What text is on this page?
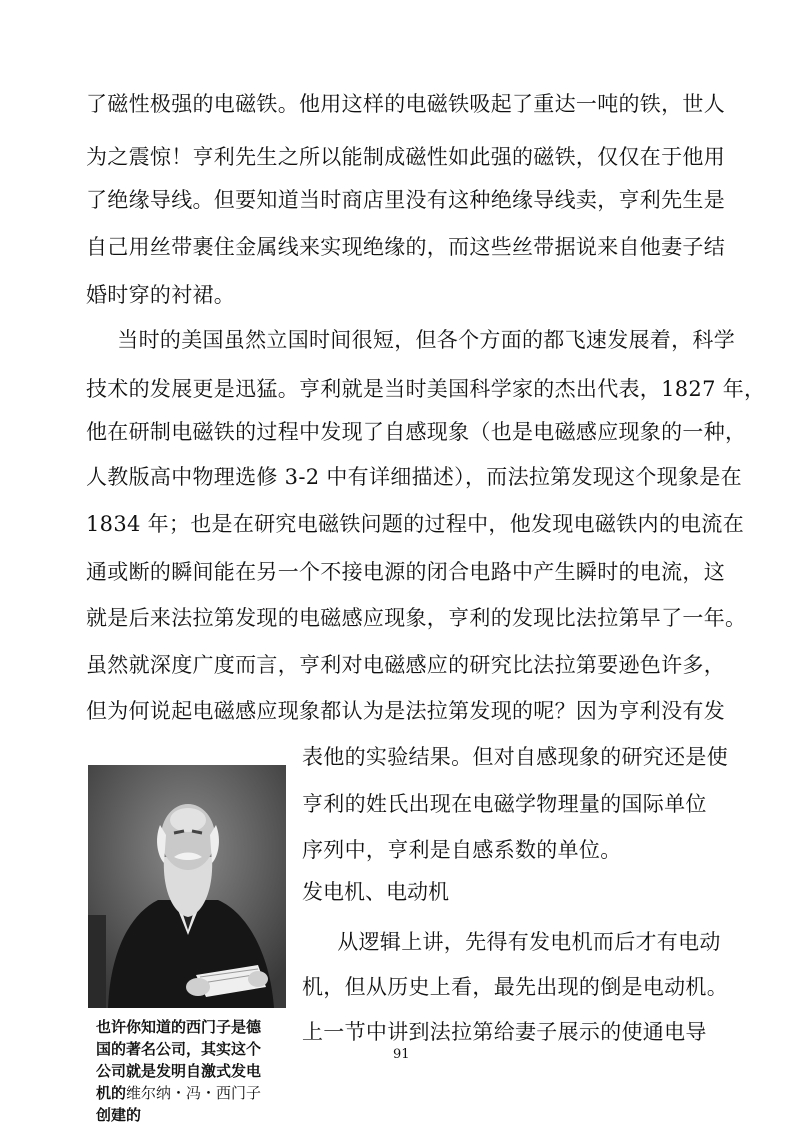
了磁性极强的电磁铁。他用这样的电磁铁吸起了重达一吨的铁，世人
为之震惊！亨利先生之所以能制成磁性如此强的磁铁，仅仅在于他用
了绝缘导线。但要知道当时商店里没有这种绝缘导线卖，亨利先生是
自己用丝带裹住金属线来实现绝缘的，而这些丝带据说来自他妻子结
婚时穿的衬裙。
　当时的美国虽然立国时间很短，但各个方面的都飞速发展着，科学
技术的发展更是迅猛。亨利就是当时美国科学家的杰出代表，1827 年，
他在研制电磁铁的过程中发现了自感现象（也是电磁感应现象的一种，
人教版高中物理选修 3-2 中有详细描述），而法拉第发现这个现象是在
1834 年；也是在研究电磁铁问题的过程中，他发现电磁铁内的电流在
通或断的瞬间能在另一个不接电源的闭合电路中产生瞬时的电流，这
就是后来法拉第发现的电磁感应现象，亨利的发现比法拉第早了一年。
虽然就深度广度而言，亨利对电磁感应的研究比法拉第要逊色许多，
但为何说起电磁感应现象都认为是法拉第发现的呢？因为亨利没有发
表他的实验结果。但对自感现象的研究还是使
亨利的姓氏出现在电磁学物理量的国际单位
序列中，亨利是自感系数的单位。
发电机、电动机
　从逻辑上讲，先得有发电机而后才有电动
机，但从历史上看，最先出现的倒是电动机。
上一节中讲到法拉第给妻子展示的使通电导
也许你知道的西门子是德
国的著名公司，其实这个
公司就是发明自激式发电
机的维尔纳・冯・西门子
创建的
91
